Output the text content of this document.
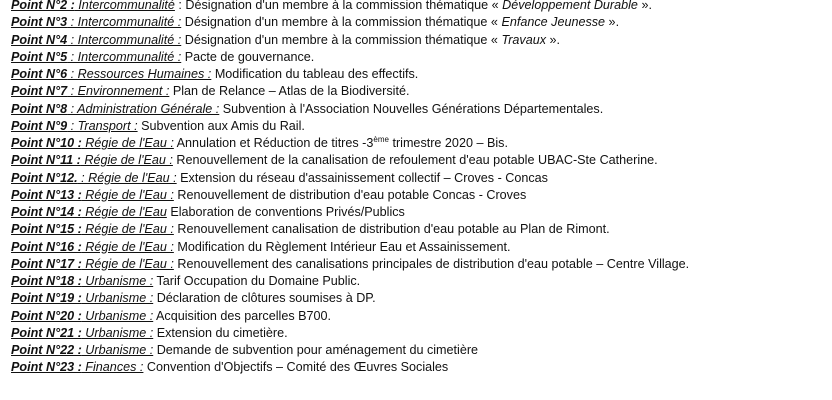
Point N°2 : Intercommunalité : Désignation d'un membre à la commission thématique « Développement Durable ».
Point N°3 : Intercommunalité : Désignation d'un membre à la commission thématique « Enfance Jeunesse ».
Point N°4 : Intercommunalité : Désignation d'un membre à la commission thématique « Travaux ».
Point N°5 : Intercommunalité : Pacte de gouvernance.
Point N°6 : Ressources Humaines : Modification du tableau des effectifs.
Point N°7 : Environnement : Plan de Relance – Atlas de la Biodiversité.
Point N°8 : Administration Générale : Subvention à l'Association Nouvelles Générations Départementales.
Point N°9 : Transport : Subvention aux Amis du Rail.
Point N°10 : Régie de l'Eau : Annulation et Réduction de titres -3ème trimestre 2020 – Bis.
Point N°11 : Régie de l'Eau : Renouvellement de la canalisation de refoulement d'eau potable UBAC-Ste Catherine.
Point N°12. : Régie de l'Eau : Extension du réseau d'assainissement collectif – Croves - Concas
Point N°13 : Régie de l'Eau : Renouvellement de distribution d'eau potable Concas - Croves
Point N°14 : Régie de l'Eau Elaboration de conventions Privés/Publics
Point N°15 : Régie de l'Eau : Renouvellement canalisation de distribution d'eau potable au Plan de Rimont.
Point N°16 : Régie de l'Eau : Modification du Règlement Intérieur Eau et Assainissement.
Point N°17 : Régie de l'Eau : Renouvellement des canalisations principales de distribution d'eau potable – Centre Village.
Point N°18 : Urbanisme : Tarif Occupation du Domaine Public.
Point N°19 : Urbanisme : Déclaration de clôtures soumises à DP.
Point N°20 : Urbanisme : Acquisition des parcelles B700.
Point N°21 : Urbanisme : Extension du cimetière.
Point N°22 : Urbanisme : Demande de subvention pour aménagement du cimetière
Point N°23 : Finances : Convention d'Objectifs – Comité des Œuvres Sociales
